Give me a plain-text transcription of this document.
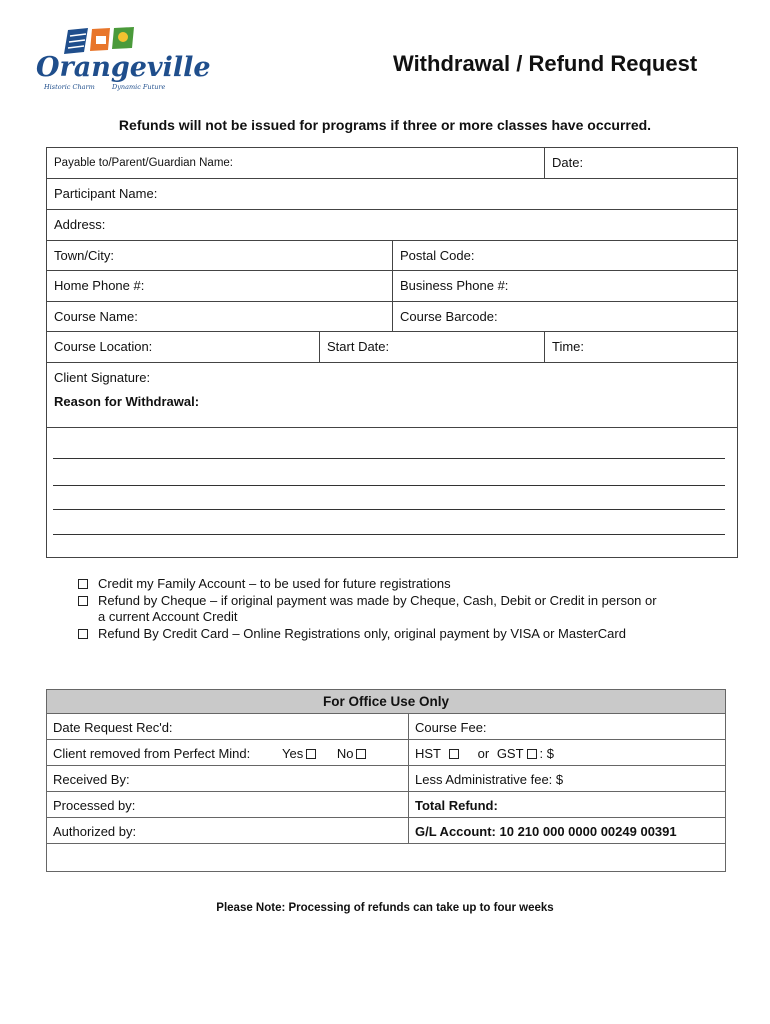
Orangeville
Historic Charm	Dynamic Future
Withdrawal / Refund Request
Refunds will not be issued for programs if three or more classes have occurred.
Payable to/Parent/Guardian Name:	Date:
Participant Name:
Address:
Town/City:	Postal Code:
Home Phone #:	Business Phone #:
Course Name:	Course Barcode:
Course Location:	Start Date:	Time:
Client Signature:
Reason for Withdrawal:
Credit my Family Account – to be used for future registrations
Refund by Cheque – if original payment was made by Cheque, Cash, Debit or Credit in person or
a current Account Credit
Refund By Credit Card – Online Registrations only, original payment by VISA or MasterCard
For Office Use Only
Date Request Rec'd:	Course Fee:
Client removed from Perfect Mind: Yes	No	HST	or GST : $
Received By:	Less Administrative fee: $
Processed by:	Total Refund:
Authorized by:	G/L Account: 10 210 000 0000 00249 00391
Please Note: Processing of refunds can take up to four weeks
